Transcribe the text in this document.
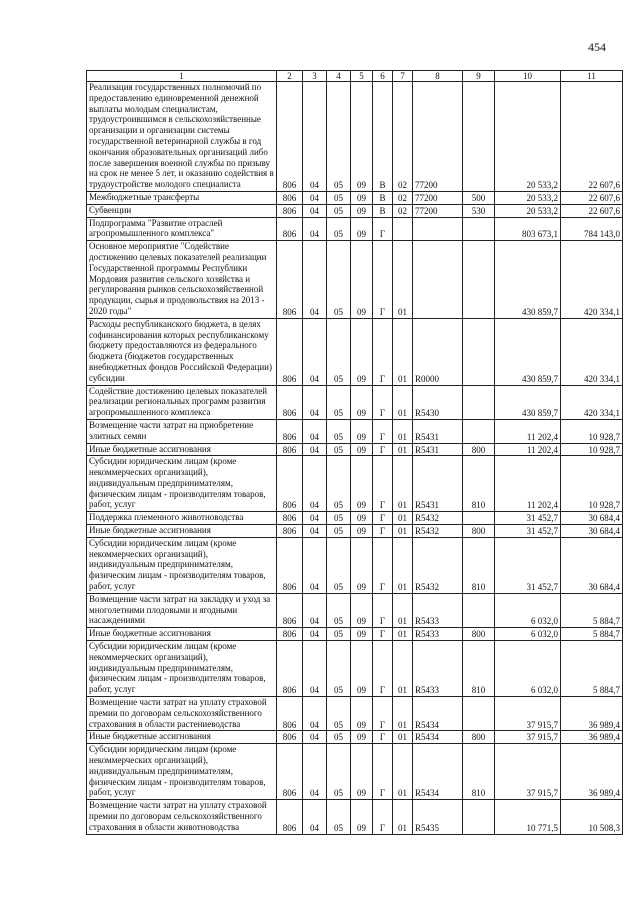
454
1	2	3	4	5	6	7	8	9	10	11
Реализация государственных полномочий по предоставлению единовременной денежной выплаты молодым специалистам, трудоустроившимся в сельскохозяйственные организации и организации системы государственной ветеринарной службы в год окончания образовательных организаций либо после завершения военной службы по призыву на срок не менее 5 лет, и оказанию содействия в трудоустройстве молодого специалиста	806	04	05	09	В	02	77200		20 533,2	22 607,6
Межбюджетные трансферты	806	04	05	09	В	02	77200	500	20 533,2	22 607,6
Субвенции	806	04	05	09	В	02	77200	530	20 533,2	22 607,6
Подпрограмма "Развитие отраслей агропромышленного комплекса"	806	04	05	09	Г				803 673,1	784 143,0
Основное мероприятие "Содействие достижению целевых показателей реализации Государственной программы Республики Мордовия развития сельского хозяйства и регулирования рынков сельскохозяйственной продукции, сырья и продовольствия на 2013 - 2020 годы"	806	04	05	09	Г	01			430 859,7	420 334,1
Расходы республиканского бюджета, в целях софинансирования которых республиканскому бюджету предоставляются из федерального бюджета (бюджетов государственных внебюджетных фондов Российской Федерации) субсидии	806	04	05	09	Г	01	R0000		430 859,7	420 334,1
Содействие достижению целевых показателей реализации региональных программ развития агропромышленного комплекса	806	04	05	09	Г	01	R5430		430 859,7	420 334,1
Возмещение части затрат на приобретение элитных семян	806	04	05	09	Г	01	R5431		11 202,4	10 928,7
Иные бюджетные ассигнования	806	04	05	09	Г	01	R5431	800	11 202,4	10 928,7
Субсидии юридическим лицам (кроме некоммерческих организаций), индивидуальным предпринимателям, физическим лицам - производителям товаров, работ, услуг	806	04	05	09	Г	01	R5431	810	11 202,4	10 928,7
Поддержка племенного животноводства	806	04	05	09	Г	01	R5432		31 452,7	30 684,4
Иные бюджетные ассигнования	806	04	05	09	Г	01	R5432	800	31 452,7	30 684,4
Субсидии юридическим лицам (кроме некоммерческих организаций), индивидуальным предпринимателям, физическим лицам - производителям товаров, работ, услуг	806	04	05	09	Г	01	R5432	810	31 452,7	30 684,4
Возмещение части затрат на закладку и уход за многолетними плодовыми и ягодными насаждениями	806	04	05	09	Г	01	R5433		6 032,0	5 884,7
Иные бюджетные ассигнования	806	04	05	09	Г	01	R5433	800	6 032,0	5 884,7
Субсидии юридическим лицам (кроме некоммерческих организаций), индивидуальным предпринимателям, физическим лицам - производителям товаров, работ, услуг	806	04	05	09	Г	01	R5433	810	6 032,0	5 884,7
Возмещение части затрат на уплату страховой премии по договорам сельскохозяйственного страхования в области растениеводства	806	04	05	09	Г	01	R5434		37 915,7	36 989,4
Иные бюджетные ассигнования	806	04	05	09	Г	01	R5434	800	37 915,7	36 989,4
Субсидии юридическим лицам (кроме некоммерческих организаций), индивидуальным предпринимателям, физическим лицам - производителям товаров, работ, услуг	806	04	05	09	Г	01	R5434	810	37 915,7	36 989,4
Возмещение части затрат на уплату страховой премии по договорам сельскохозяйственного страхования в области животноводства	806	04	05	09	Г	01	R5435		10 771,5	10 508,3
